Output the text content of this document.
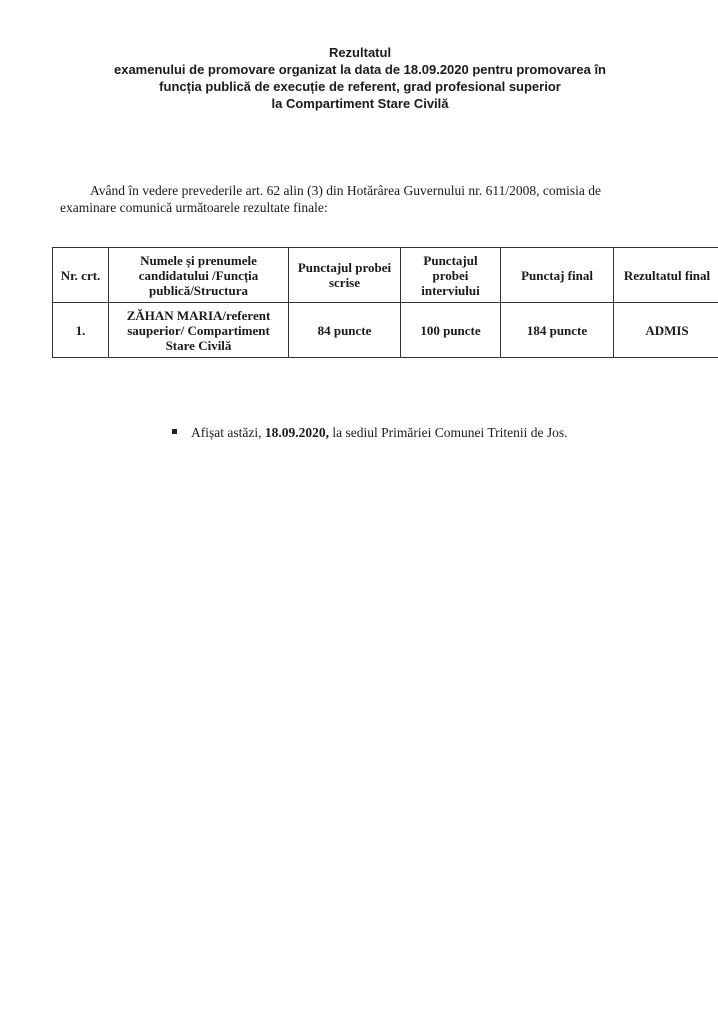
Rezultatul
examenului de promovare organizat la data de 18.09.2020 pentru promovarea în
funcția publică de execuție de referent, grad profesional superior
la Compartiment Stare Civilă
Având în vedere prevederile art. 62 alin (3) din Hotărârea Guvernului nr. 611/2008, comisia de
examinare comunică următoarele rezultate finale:
Nr. crt.	Numele și prenumele candidatului /Funcția publică/Structura	Punctajul probei scrise	Punctajul probei interviului	Punctaj final	Rezultatul final
1.	ZĂHAN MARIA/referent sauperior/ Compartiment Stare Civilă	84 puncte	100 puncte	184 puncte	ADMIS
Afișat astăzi, 18.09.2020, la sediul Primăriei Comunei Tritenii de Jos.
